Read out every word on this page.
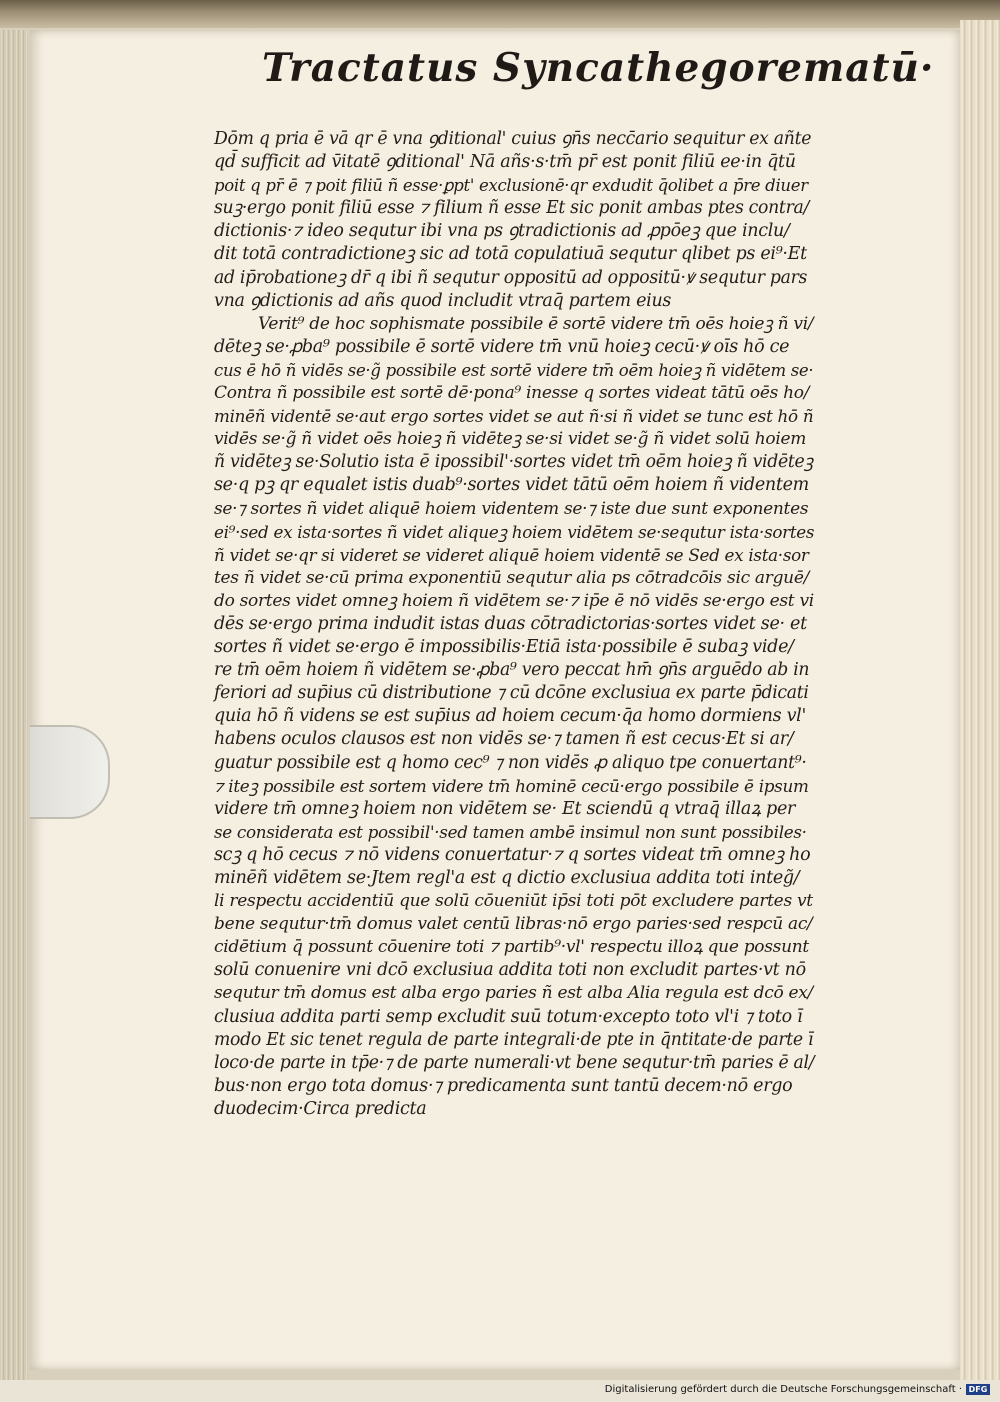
Tractatus Syncathegorematū·
Dōm q pria ē vā qr ē vna ꝯditional' cuius ꝯn̄s necc̄ario sequitur ex añte
qd̄ sufficit ad v̄itatē ꝯditional' Nā añs·s·tm̄ pr̄ est ponit filiū ee·in q̄tū
poit q pr̄ ē ⁊ poit filiū ñ esse·ꝑpt' exclusionē·qr exdudit q̄olibet a p̄re diuer
suꝫ·ergo ponit filiū esse ⁊ filium ñ esse Et sic ponit ambas ptes contra/
dictionis·⁊ ideo sequtur ibi vna ps ꝯtradictionis ad ꝓpōeꝫ que inclu/
dit totā contradictioneꝫ sic ad totā copulatiuā sequtur qlibet ps ei⁹·Et
ad ip̄robationeꝫ dr̄ q ibi ñ sequtur oppositū ad oppositū·ꝟ sequtur pars
vna ꝯdictionis ad añs quod includit vtraq̄ partem eius
Verit⁹ de hoc sophismate possibile ē sortē videre tm̄ oēs hoieꝫ ñ vi/
dēteꝫ se·ꝓba⁹ possibile ē sortē videre tm̄ vnū hoieꝫ cecū·ꝟ oīs hō ce
cus ē hō ñ vidēs se·g̃ possibile est sortē videre tm̄ oēm hoieꝫ ñ vidētem se·
Contra ñ possibile est sortē dē·pona⁹ inesse q sortes videat tātū oēs ho/
minēñ videntē se·aut ergo sortes videt se aut ñ·si ñ videt se tunc est hō ñ
vidēs se·g̃ ñ videt oēs hoieꝫ ñ vidēteꝫ se·si videt se·g̃ ñ videt solū hoiem
ñ vidēteꝫ se·Solutio ista ē ipossibil'·sortes videt tm̄ oēm hoieꝫ ñ vidēteꝫ
se·q pꝫ qr equalet istis duab⁹·sortes videt tātū oēm hoiem ñ videntem
se·⁊ sortes ñ videt aliquē hoiem videntem se·⁊ iste due sunt exponentes
ei⁹·sed ex ista·sortes ñ videt aliqueꝫ hoiem vidētem se·sequtur ista·sortes
ñ videt se·qr si videret se videret aliquē hoiem videntē se Sed ex ista·sor
tes ñ videt se·cū prima exponentiū sequtur alia ps cōtradcōis sic arguē/
do sortes videt omneꝫ hoiem ñ vidētem se·⁊ ip̄e ē nō vidēs se·ergo est vi
dēs se·ergo prima indudit istas duas cōtradictorias·sortes videt se· et
sortes ñ videt se·ergo ē impossibilis·Etiā ista·possibile ē subaꝫ vide/
re tm̄ oēm hoiem ñ vidētem se·ꝓba⁹ vero peccat hm̄ ꝯn̄s arguēdo ab in
feriori ad sup̄ius cū distributione ⁊ cū dcōne exclusiua ex parte p̄dicati
quia hō ñ videns se est sup̄ius ad hoiem cecum·q̄a homo dormiens vl'
habens oculos clausos est non vidēs se·⁊ tamen ñ est cecus·Et si ar/
guatur possibile est q homo cec⁹ ⁊ non vidēs ꝓ aliquo tpe conuertant⁹·
⁊ iteꝫ possibile est sortem videre tm̄ hominē cecū·ergo possibile ē ipsum
videre tm̄ omneꝫ hoiem non vidētem se· Et sciendū q vtraq̄ illaꝝ per
se considerata est possibil'·sed tamen ambē insimul non sunt possibiles·
scꝫ q hō cecus ⁊ nō videns conuertatur·⁊ q sortes videat tm̄ omneꝫ ho
minēñ vidētem se·Jtem regl'a est q dictio exclusiua addita toti integ̃/
li respectu accidentiū que solū cōueniūt ip̄si toti pōt excludere partes vt
bene sequtur·tm̄ domus valet centū libras·nō ergo paries·sed respcū ac/
cidētium q̄ possunt cōuenire toti ⁊ partib⁹·vl' respectu illoꝝ que possunt
solū conuenire vni dcō exclusiua addita toti non excludit partes·vt nō
sequtur tm̄ domus est alba ergo paries ñ est alba Alia regula est dcō ex/
clusiua addita parti semp excludit suū totum·excepto toto vl'i ⁊ toto ī
modo Et sic tenet regula de parte integrali·de pte in q̄ntitate·de parte ī
loco·de parte in tp̄e·⁊ de parte numerali·vt bene sequtur·tm̄ paries ē al/
bus·non ergo tota domus·⁊ predicamenta sunt tantū decem·nō ergo
duodecim·Circa predicta
Digitalisierung gefördert durch die Deutsche Forschungsgemeinschaft · DFG
